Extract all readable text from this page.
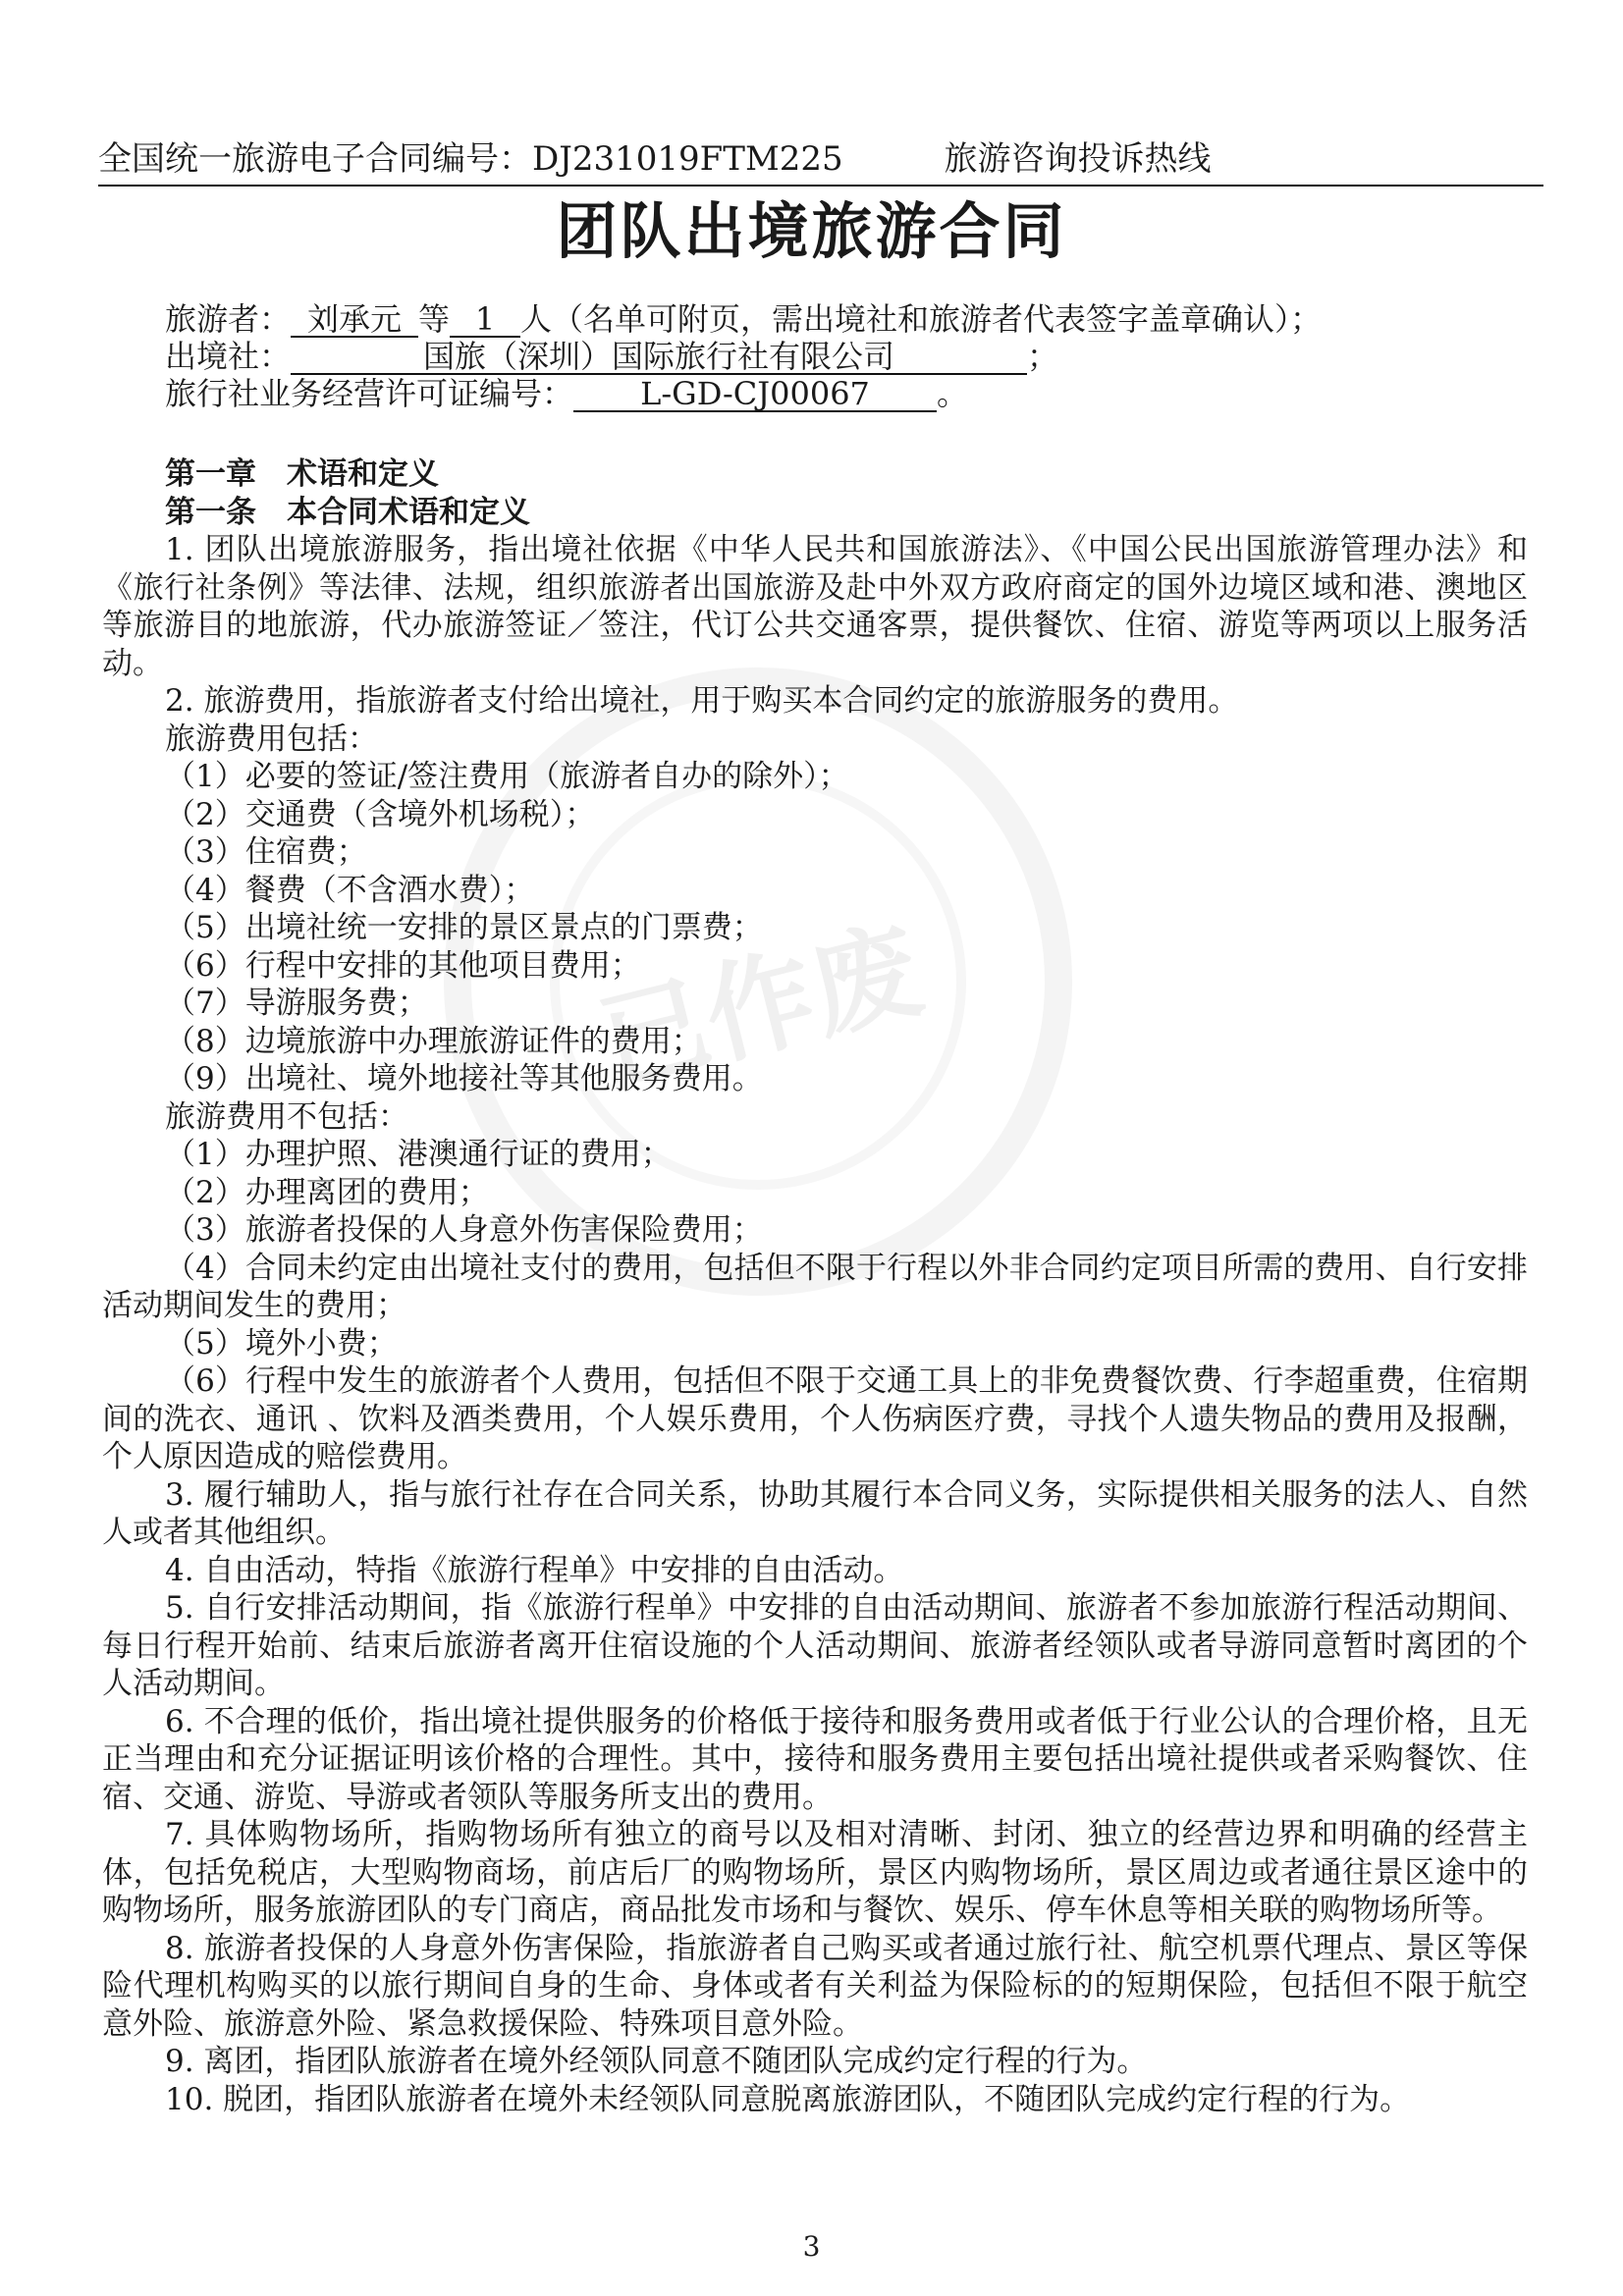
全国统一旅游电子合同编号：DJ231019FTM225	旅游咨询投诉热线
团队出境旅游合同
已作废
旅游者： 刘承元 等 1 人（名单可附页，需出境社和旅游者代表签字盖章确认）；
出境社：	国旅（深圳）国际旅行社有限公司	；
旅行社业务经营许可证编号： L-GD-CJ00067 。

第一章　术语和定义

第一条　本合同术语和定义

1. 团队出境旅游服务，指出境社依据《中华人民共和国旅游法》、《中国公民出国旅游管理办法》和《旅行社条例》等法律、法规，组织旅游者出国旅游及赴中外双方政府商定的国外边境区域和港、澳地区等旅游目的地旅游，代办旅游签证／签注，代订公共交通客票，提供餐饮、住宿、游览等两项以上服务活动。

2. 旅游费用，指旅游者支付给出境社，用于购买本合同约定的旅游服务的费用。

旅游费用包括：

（1）必要的签证/签注费用（旅游者自办的除外）；

（2）交通费（含境外机场税）；

（3）住宿费；

（4）餐费（不含酒水费）；

（5）出境社统一安排的景区景点的门票费；

（6）行程中安排的其他项目费用；

（7）导游服务费；

（8）边境旅游中办理旅游证件的费用；

（9）出境社、境外地接社等其他服务费用。

旅游费用不包括：

（1）办理护照、港澳通行证的费用；

（2）办理离团的费用；

（3）旅游者投保的人身意外伤害保险费用；

（4）合同未约定由出境社支付的费用，包括但不限于行程以外非合同约定项目所需的费用、自行安排活动期间发生的费用；

（5）境外小费；

（6）行程中发生的旅游者个人费用，包括但不限于交通工具上的非免费餐饮费、行李超重费，住宿期间的洗衣、通讯 、饮料及酒类费用，个人娱乐费用，个人伤病医疗费，寻找个人遗失物品的费用及报酬，个人原因造成的赔偿费用。

3. 履行辅助人，指与旅行社存在合同关系，协助其履行本合同义务，实际提供相关服务的法人、自然人或者其他组织。

4. 自由活动，特指《旅游行程单》中安排的自由活动。

5. 自行安排活动期间，指《旅游行程单》中安排的自由活动期间、旅游者不参加旅游行程活动期间、每日行程开始前、结束后旅游者离开住宿设施的个人活动期间、旅游者经领队或者导游同意暂时离团的个人活动期间。

6. 不合理的低价，指出境社提供服务的价格低于接待和服务费用或者低于行业公认的合理价格，且无正当理由和充分证据证明该价格的合理性。其中，接待和服务费用主要包括出境社提供或者采购餐饮、住宿、交通、游览、导游或者领队等服务所支出的费用。

7. 具体购物场所，指购物场所有独立的商号以及相对清晰、封闭、独立的经营边界和明确的经营主体，包括免税店，大型购物商场，前店后厂的购物场所，景区内购物场所，景区周边或者通往景区途中的购物场所，服务旅游团队的专门商店，商品批发市场和与餐饮、娱乐、停车休息等相关联的购物场所等。

8. 旅游者投保的人身意外伤害保险，指旅游者自己购买或者通过旅行社、航空机票代理点、景区等保险代理机构购买的以旅行期间自身的生命、身体或者有关利益为保险标的的短期保险，包括但不限于航空意外险、旅游意外险、紧急救援保险、特殊项目意外险。

9. 离团，指团队旅游者在境外经领队同意不随团队完成约定行程的行为。

10. 脱团，指团队旅游者在境外未经领队同意脱离旅游团队，不随团队完成约定行程的行为。

3
